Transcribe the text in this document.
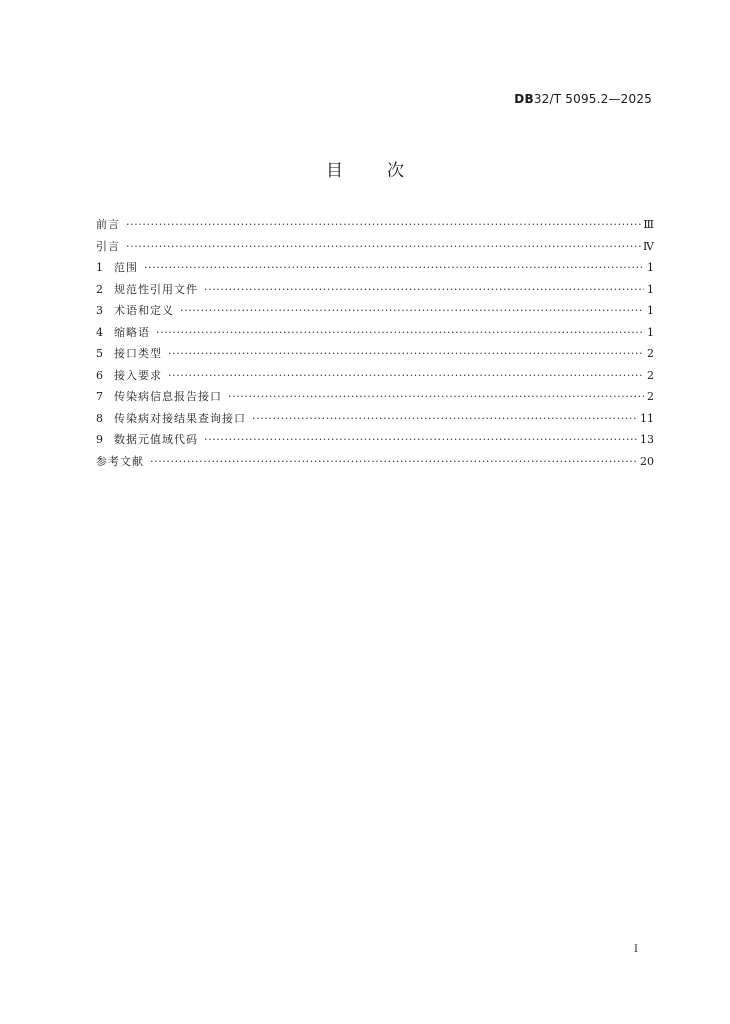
DB32/T 5095.2—2025
目	次
前言 ·····	Ⅲ
引言 ·····	Ⅳ
1	范围 ·····	1
2	规范性引用文件 ·····	1
3	术语和定义 ·····	1
4	缩略语 ·····	1
5	接口类型 ·····	2
6	接入要求 ·····	2
7	传染病信息报告接口 ·····	2
8	传染病对接结果查询接口 ·····	11
9	数据元值域代码 ·····	13
参考文献 ·····	20
I
